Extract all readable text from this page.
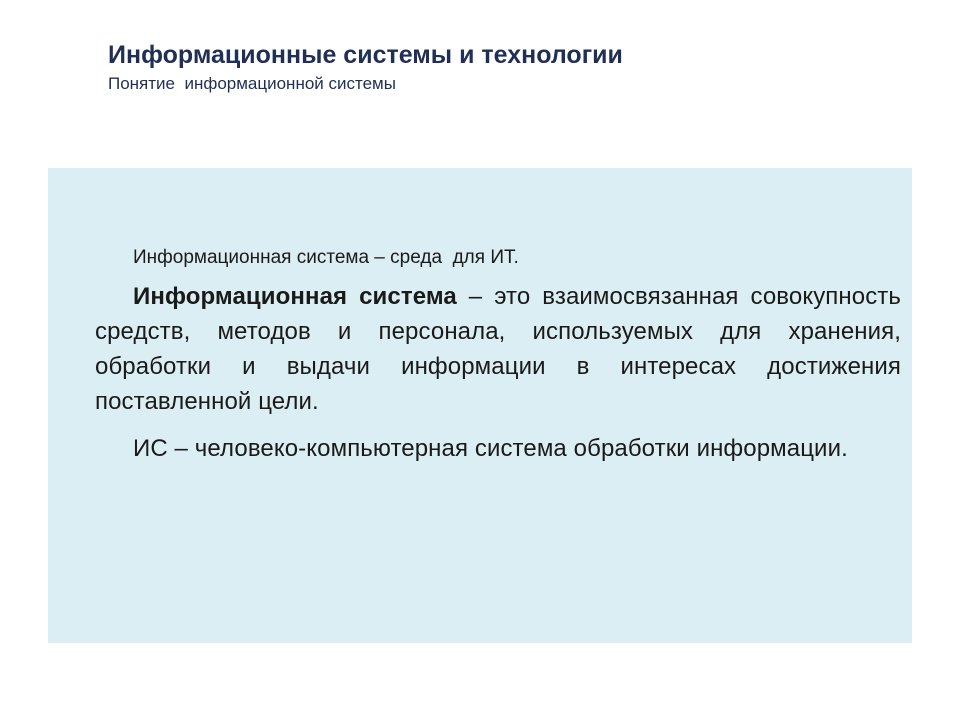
Информационные системы и технологии
Понятие  информационной системы

Информационная система – среда  для ИТ.

Информационная система – это взаимосвязанная совокупность средств, методов и персонала, используемых для хранения, обработки и выдачи информации в интересах достижения поставленной цели.

ИС – человеко-компьютерная система обработки информации.
